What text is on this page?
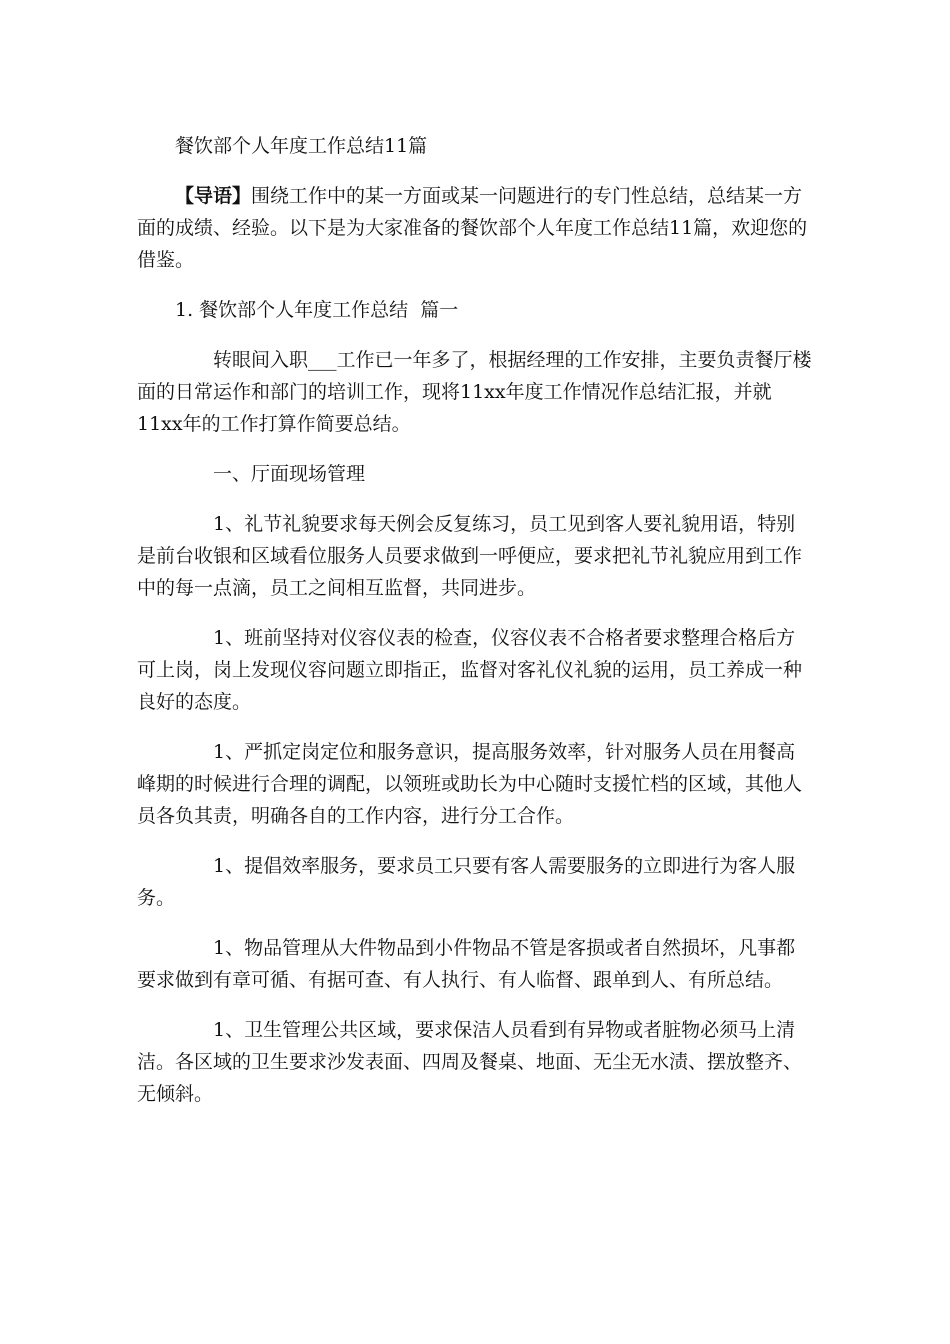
餐饮部个人年度工作总结11篇

【导语】围绕工作中的某一方面或某一问题进行的专门性总结，总结某一方面的成绩、经验。以下是为大家准备的餐饮部个人年度工作总结11篇，欢迎您的借鉴。

1. 餐饮部个人年度工作总结  篇一

转眼间入职___工作已一年多了，根据经理的工作安排，主要负责餐厅楼面的日常运作和部门的培训工作，现将11xx年度工作情况作总结汇报，并就11xx年的工作打算作简要总结。

一、厅面现场管理

1、礼节礼貌要求每天例会反复练习，员工见到客人要礼貌用语，特别是前台收银和区域看位服务人员要求做到一呼便应，要求把礼节礼貌应用到工作中的每一点滴，员工之间相互监督，共同进步。

1、班前坚持对仪容仪表的检查，仪容仪表不合格者要求整理合格后方可上岗，岗上发现仪容问题立即指正，监督对客礼仪礼貌的运用，员工养成一种良好的态度。

1、严抓定岗定位和服务意识，提高服务效率，针对服务人员在用餐高峰期的时候进行合理的调配，以领班或助长为中心随时支援忙档的区域，其他人员各负其责，明确各自的工作内容，进行分工合作。

1、提倡效率服务，要求员工只要有客人需要服务的立即进行为客人服务。

1、物品管理从大件物品到小件物品不管是客损或者自然损坏，凡事都要求做到有章可循、有据可查、有人执行、有人临督、跟单到人、有所总结。

1、卫生管理公共区域，要求保洁人员看到有异物或者脏物必须马上清洁。各区域的卫生要求沙发表面、四周及餐桌、地面、无尘无水渍、摆放整齐、无倾斜。
